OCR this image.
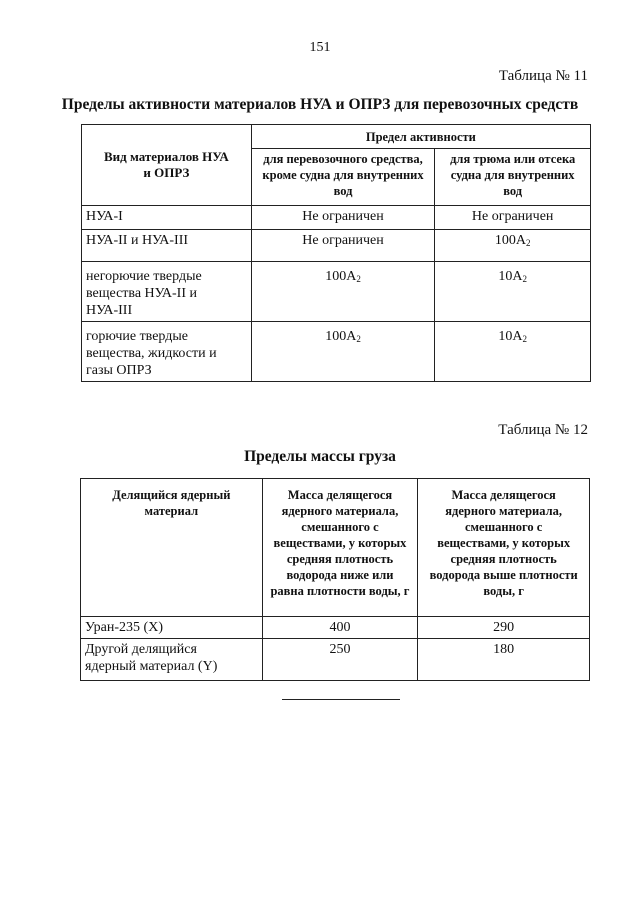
151
Таблица № 11
Пределы активности материалов НУА и ОПРЗ для перевозочных средств
Вид материалов НУА и ОПРЗ	Предел активности	
	для перевозочного средства, кроме судна для внутренних вод	для трюма или отсека судна для внутренних вод
НУА-I	Не ограничен	Не ограничен
НУА-II и НУА-III	Не ограничен	$100A_2$

негорючие твердые вещества НУА-II и
НУА-III	$100A_2$	$10A_2$

горючие твердые вещества, жидкости и
газы ОПРЗ	$100A_2$	$10A_2$
Таблица № 12
Пределы массы груза
Делящийся ядерный материал	Масса делящегося ядерного материала, смешанного с веществами, у которых средняя плотность водорода ниже или равна плотности воды, г	Масса делящегося ядерного материала, смешанного с веществами, у которых средняя плотность водорода выше плотности воды, г
Уран-235 (X)	400	290

Другой делящийся
ядерный материал (Y)	250	180
